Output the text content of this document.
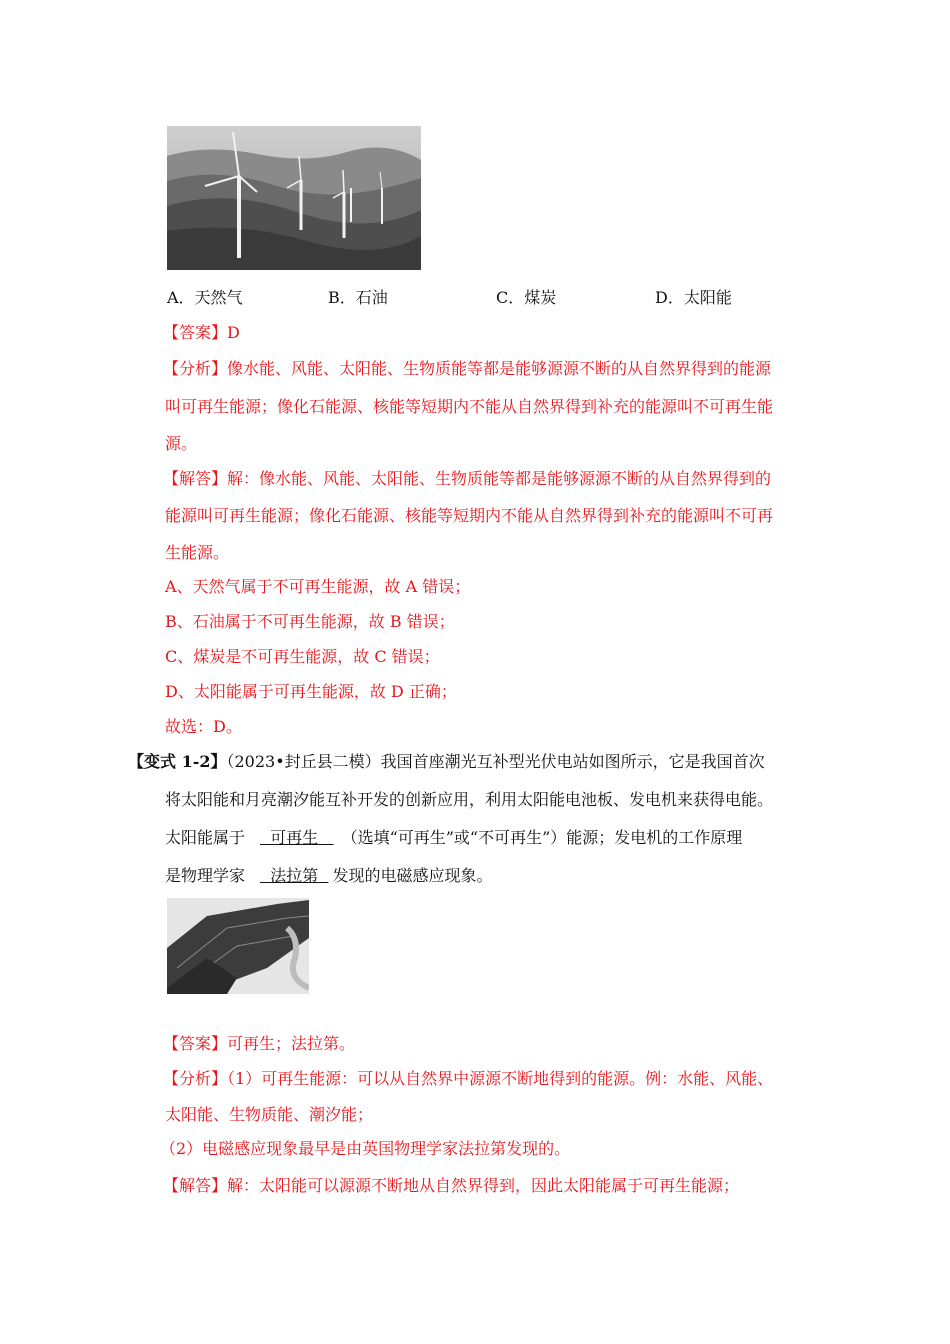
A．天然气	B．石油	C．煤炭	D．太阳能
【答案】D
【分析】像水能、风能、太阳能、生物质能等都是能够源源不断的从自然界得到的能源
叫可再生能源；像化石能源、核能等短期内不能从自然界得到补充的能源叫不可再生能
源。
【解答】解：像水能、风能、太阳能、生物质能等都是能够源源不断的从自然界得到的
能源叫可再生能源；像化石能源、核能等短期内不能从自然界得到补充的能源叫不可再
生能源。
A、天然气属于不可再生能源，故 A 错误；
B、石油属于不可再生能源，故 B 错误；
C、煤炭是不可再生能源，故 C 错误；
D、太阳能属于可再生能源，故 D 正确；
故选：D。
【变式 1-2】（2023•封丘县二模）我国首座潮光互补型光伏电站如图所示，它是我国首次
将太阳能和月亮潮汐能互补开发的创新应用，利用太阳能电池板、发电机来获得电能。
太阳能属于 可再生 （选填“可再生”或“不可再生”）能源；发电机的工作原理
是物理学家 法拉第 发现的电磁感应现象。
【答案】可再生；法拉第。
【分析】（1）可再生能源：可以从自然界中源源不断地得到的能源。例：水能、风能、
太阳能、生物质能、潮汐能；
（2）电磁感应现象最早是由英国物理学家法拉第发现的。
【解答】解：太阳能可以源源不断地从自然界得到，因此太阳能属于可再生能源；
